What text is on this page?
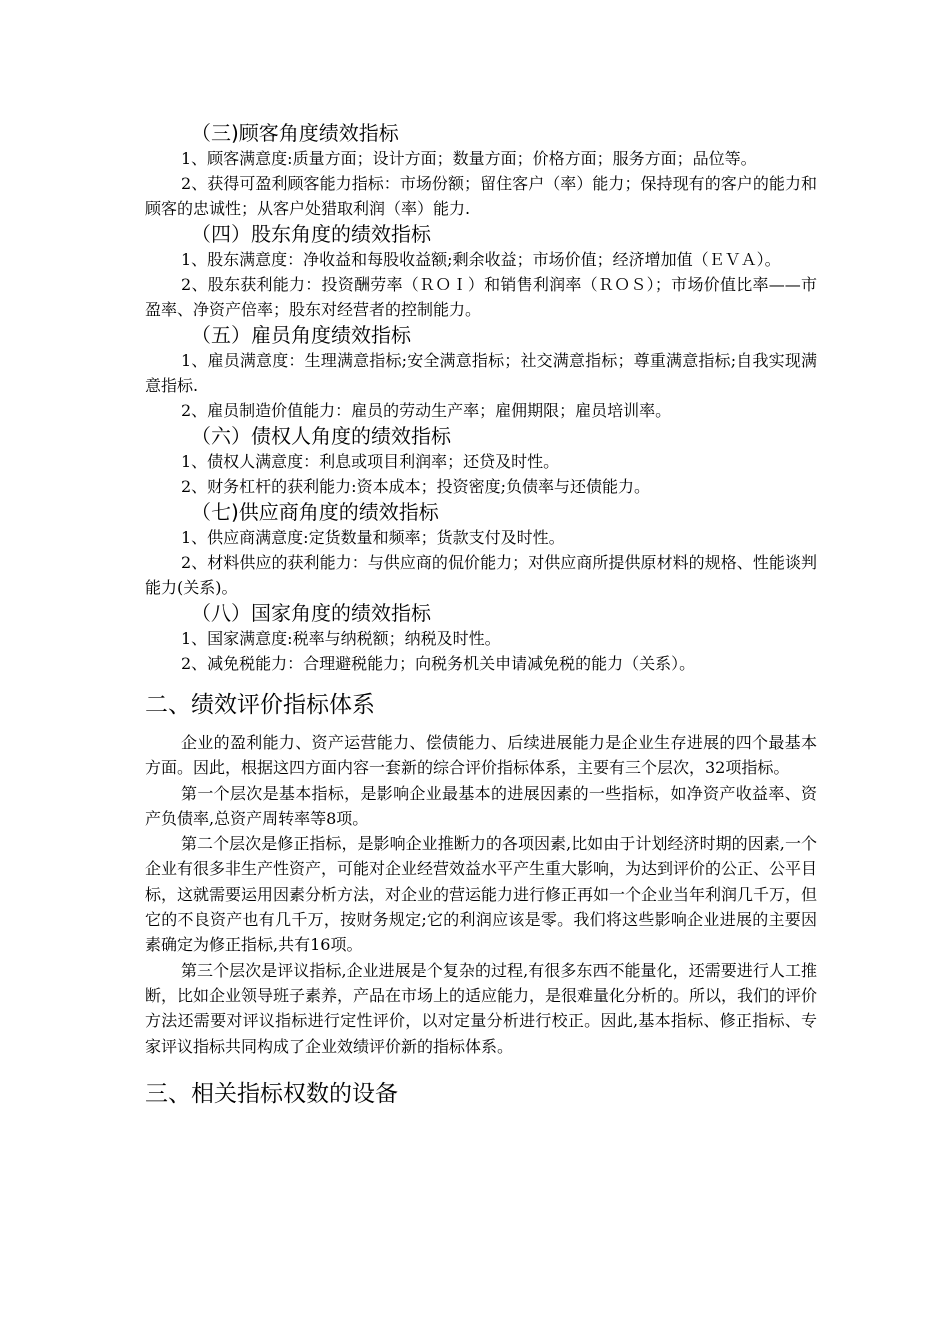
（三)顾客角度绩效指标

1、顾客满意度:质量方面；设计方面；数量方面；价格方面；服务方面；品位等。

2、获得可盈利顾客能力指标：市场份额；留住客户（率）能力；保持现有的客户的能力和顾客的忠诚性；从客户处猎取利润（率）能力.

（四）股东角度的绩效指标

1、股东满意度：净收益和每股收益额;剩余收益；市场价值；经济增加值（ＥＶＡ）。

2、股东获利能力：投资酬劳率（ＲＯＩ）和销售利润率（ＲＯＳ）；市场价值比率——市盈率、净资产倍率；股东对经营者的控制能力。

（五）雇员角度绩效指标

1、雇员满意度：生理满意指标;安全满意指标；社交满意指标；尊重满意指标;自我实现满意指标.

2、雇员制造价值能力：雇员的劳动生产率；雇佣期限；雇员培训率。

（六）债权人角度的绩效指标

1、债权人满意度：利息或项目利润率；还贷及时性。

2、财务杠杆的获利能力:资本成本；投资密度;负债率与还债能力。

（七)供应商角度的绩效指标

1、供应商满意度:定货数量和频率；货款支付及时性。

2、材料供应的获利能力：与供应商的侃价能力；对供应商所提供原材料的规格、性能谈判能力(关系)。

（八）国家角度的绩效指标

1、国家满意度:税率与纳税额；纳税及时性。

2、减免税能力：合理避税能力；向税务机关申请减免税的能力（关系）。

二、绩效评价指标体系

企业的盈利能力、资产运营能力、偿债能力、后续进展能力是企业生存进展的四个最基本方面。因此，根据这四方面内容一套新的综合评价指标体系，主要有三个层次，32项指标。

第一个层次是基本指标，是影响企业最基本的进展因素的一些指标，如净资产收益率、资产负债率,总资产周转率等8项。

第二个层次是修正指标，是影响企业推断力的各项因素,比如由于计划经济时期的因素,一个企业有很多非生产性资产，可能对企业经营效益水平产生重大影响，为达到评价的公正、公平目标，这就需要运用因素分析方法，对企业的营运能力进行修正再如一个企业当年利润几千万，但它的不良资产也有几千万，按财务规定;它的利润应该是零。我们将这些影响企业进展的主要因素确定为修正指标,共有16项。

第三个层次是评议指标,企业进展是个复杂的过程,有很多东西不能量化，还需要进行人工推断，比如企业领导班子素养，产品在市场上的适应能力，是很难量化分析的。所以，我们的评价方法还需要对评议指标进行定性评价，以对定量分析进行校正。因此,基本指标、修正指标、专家评议指标共同构成了企业效绩评价新的指标体系。

三、相关指标权数的设备
